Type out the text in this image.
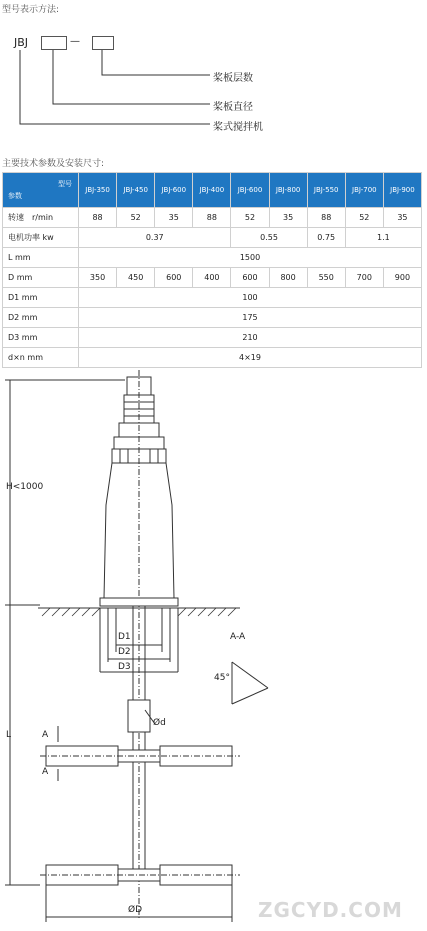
型号表示方法:
JBJ	—
桨板层数
桨板直径
桨式搅拌机
主要技术参数及安装尺寸:
型号
参数	JBJ-350	JBJ-450	JBJ-600	JBJ-400	JBJ-600	JBJ-800	JBJ-550	JBJ-700	JBJ-900
转速　r/min	88	52	35	88	52	35	88	52	35
电机功率 kw	0.37				0.55		0.75	1.1	
L mm	1500								
D mm	350	450	600	400	600	800	550	700	900
D1 mm	100								
D2 mm	175								
D3 mm	210								
d×n mm	4×19								
H<1000
D1
D2
D3
A-A
45°
Ød
L	A
A
ØD	ZGCYD.COM
